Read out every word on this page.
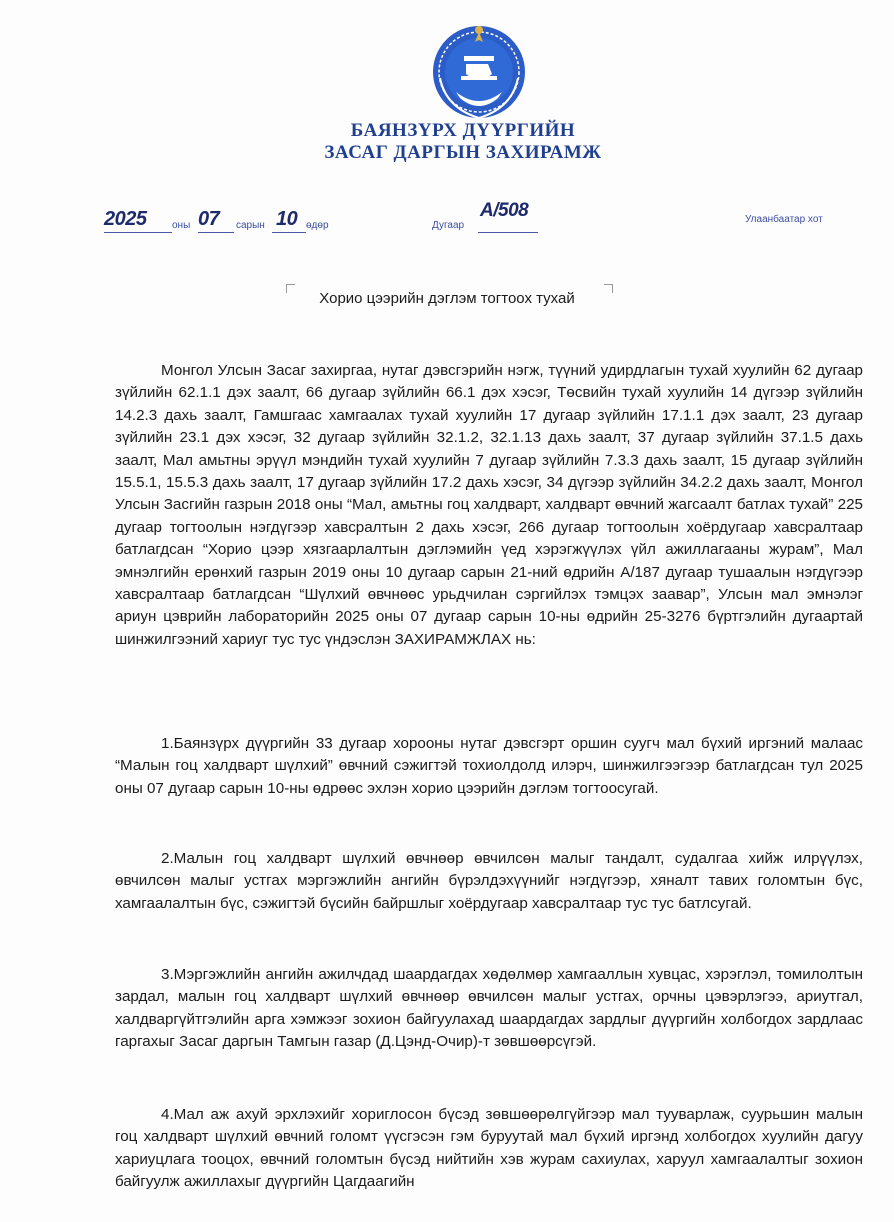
БАЯНЗҮРХ ДҮҮРГИЙН
ЗАСАГ ДАРГЫН ЗАХИРАМЖ
2025	оны 07 сарын 10 өдөр	Дугаар
А/508	Улаанбаатар хот
Хорио цээрийн дэглэм тогтоох тухай

Монгол Улсын Засаг захиргаа, нутаг дэвсгэрийн нэгж, түүний удирдлагын тухай хуулийн 62 дугаар зүйлийн 62.1.1 дэх заалт, 66 дугаар зүйлийн 66.1 дэх хэсэг, Төсвийн тухай хуулийн 14 дүгээр зүйлийн 14.2.3 дахь заалт, Гамшгаас хамгаалах тухай хуулийн 17 дугаар зүйлийн 17.1.1 дэх заалт, 23 дугаар зүйлийн 23.1 дэх хэсэг, 32 дугаар зүйлийн 32.1.2, 32.1.13 дахь заалт, 37 дугаар зүйлийн 37.1.5 дахь заалт, Мал амьтны эрүүл мэндийн тухай хуулийн 7 дугаар зүйлийн 7.3.3 дахь заалт, 15 дугаар зүйлийн 15.5.1, 15.5.3 дахь заалт, 17 дугаар зүйлийн 17.2 дахь хэсэг, 34 дүгээр зүйлийн 34.2.2 дахь заалт, Монгол Улсын Засгийн газрын 2018 оны “Мал, амьтны гоц халдварт, халдварт өвчний жагсаалт батлах тухай” 225 дугаар тогтоолын нэгдүгээр хавсралтын 2 дахь хэсэг, 266 дугаар тогтоолын хоёрдугаар хавсралтаар батлагдсан “Хорио цээр хязгаарлалтын дэглэмийн үед хэрэгжүүлэх үйл ажиллагааны журам”, Мал эмнэлгийн ерөнхий газрын 2019 оны 10 дугаар сарын 21-ний өдрийн А/187 дугаар тушаалын нэгдүгээр хавсралтаар батлагдсан “Шүлхий өвчнөөс урьдчилан сэргийлэх тэмцэх заавар”, Улсын мал эмнэлэг ариун цэврийн лабораторийн 2025 оны 07 дугаар сарын 10-ны өдрийн 25-3276 бүртгэлийн дугаартай шинжилгээний хариуг тус тус үндэслэн ЗАХИРАМЖЛАХ нь:

1.Баянзүрх дүүргийн 33 дугаар хорооны нутаг дэвсгэрт оршин суугч мал бүхий иргэний малаас “Малын гоц халдварт шүлхий” өвчний сэжигтэй тохиолдолд илэрч, шинжилгээгээр батлагдсан тул 2025 оны 07 дугаар сарын 10-ны өдрөөс эхлэн хорио цээрийн дэглэм тогтоосугай.

2.Малын гоц халдварт шүлхий өвчнөөр өвчилсөн малыг тандалт, судалгаа хийж илрүүлэх, өвчилсөн малыг устгах мэргэжлийн ангийн бүрэлдэхүүнийг нэгдүгээр, хяналт тавих голомтын бүс, хамгаалалтын бүс, сэжигтэй бүсийн байршлыг хоёрдугаар хавсралтаар тус тус батлсугай.

3.Мэргэжлийн ангийн ажилчдад шаардагдах хөдөлмөр хамгааллын хувцас, хэрэглэл, томилолтын зардал, малын гоц халдварт шүлхий өвчнөөр өвчилсөн малыг устгах, орчны цэвэрлэгээ, ариутгал, халдваргүйтгэлийн арга хэмжээг зохион байгуулахад шаардагдах зардлыг дүүргийн холбогдох зардлаас гаргахыг Засаг даргын Тамгын газар (Д.Цэнд-Очир)-т зөвшөөрсүгэй.

4.Мал аж ахуй эрхлэхийг хориглосон бүсэд зөвшөөрөлгүйгээр мал тууварлаж, суурьшин малын гоц халдварт шүлхий өвчний голомт үүсгэсэн гэм буруутай мал бүхий иргэнд холбогдох хуулийн дагуу хариуцлага тооцох, өвчний голомтын бүсэд нийтийн хэв журам сахиулах, харуул хамгаалалтыг зохион байгуулж ажиллахыг дүүргийн Цагдаагийн
